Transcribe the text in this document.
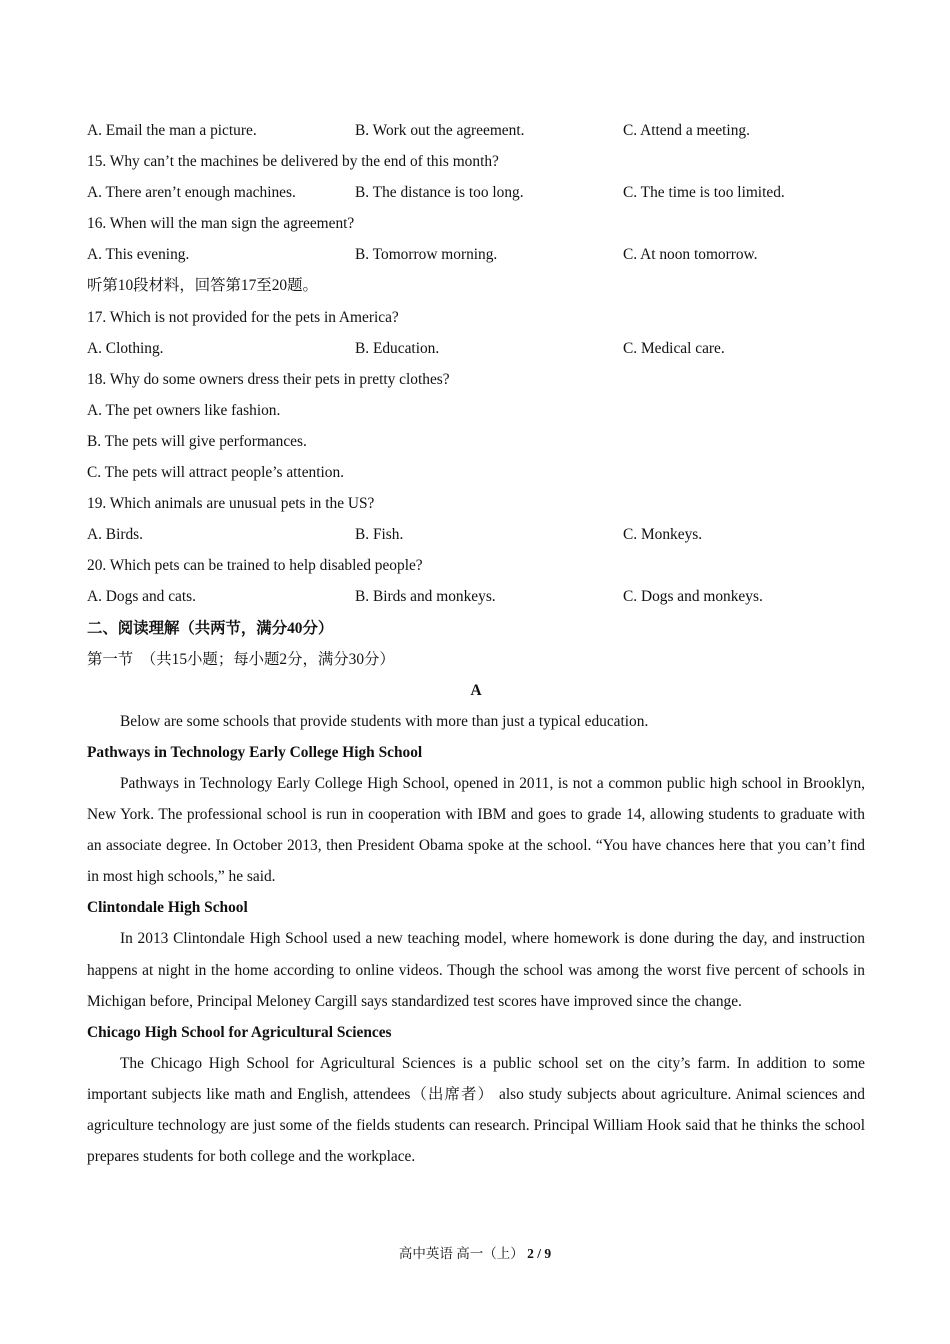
A. Email the man a picture.	B. Work out the agreement.	C. Attend a meeting.
15. Why can’t the machines be delivered by the end of this month?
A. There aren’t enough machines.	B. The distance is too long.	C. The time is too limited.
16. When will the man sign the agreement?
A. This evening.	B. Tomorrow morning.	C. At noon tomorrow.
听第10段材料，回答第17至20题。
17. Which is not provided for the pets in America?
A. Clothing.	B. Education.	C. Medical care.
18. Why do some owners dress their pets in pretty clothes?
A. The pet owners like fashion.
B. The pets will give performances.
C. The pets will attract people’s attention.
19. Which animals are unusual pets in the US?
A. Birds.	B. Fish.	C. Monkeys.
20. Which pets can be trained to help disabled people?
A. Dogs and cats.	B. Birds and monkeys.	C. Dogs and monkeys.
二、阅读理解（共两节，满分40分）
第一节　（共15小题；每小题2分，满分30分）
A

Below are some schools that provide students with more than just a typical education.

Pathways in Technology Early College High School

Pathways in Technology Early College High School, opened in 2011, is not a common public high school in Brooklyn, New York. The professional school is run in cooperation with IBM and goes to grade 14, allowing students to graduate with an associate degree. In October 2013, then President Obama spoke at the school. “You have chances here that you can’t find in most high schools,” he said.

Clintondale High School

In 2013 Clintondale High School used a new teaching model, where homework is done during the day, and instruction happens at night in the home according to online videos. Though the school was among the worst five percent of schools in Michigan before, Principal Meloney Cargill says standardized test scores have improved since the change.

Chicago High School for Agricultural Sciences

The Chicago High School for Agricultural Sciences is a public school set on the city’s farm. In addition to some important subjects like math and English, attendees（出席者） also study subjects about agriculture. Animal sciences and agriculture technology are just some of the fields students can research. Principal William Hook said that he thinks the school prepares students for both college and the workplace.

高中英语 高一（上） 2 / 9
